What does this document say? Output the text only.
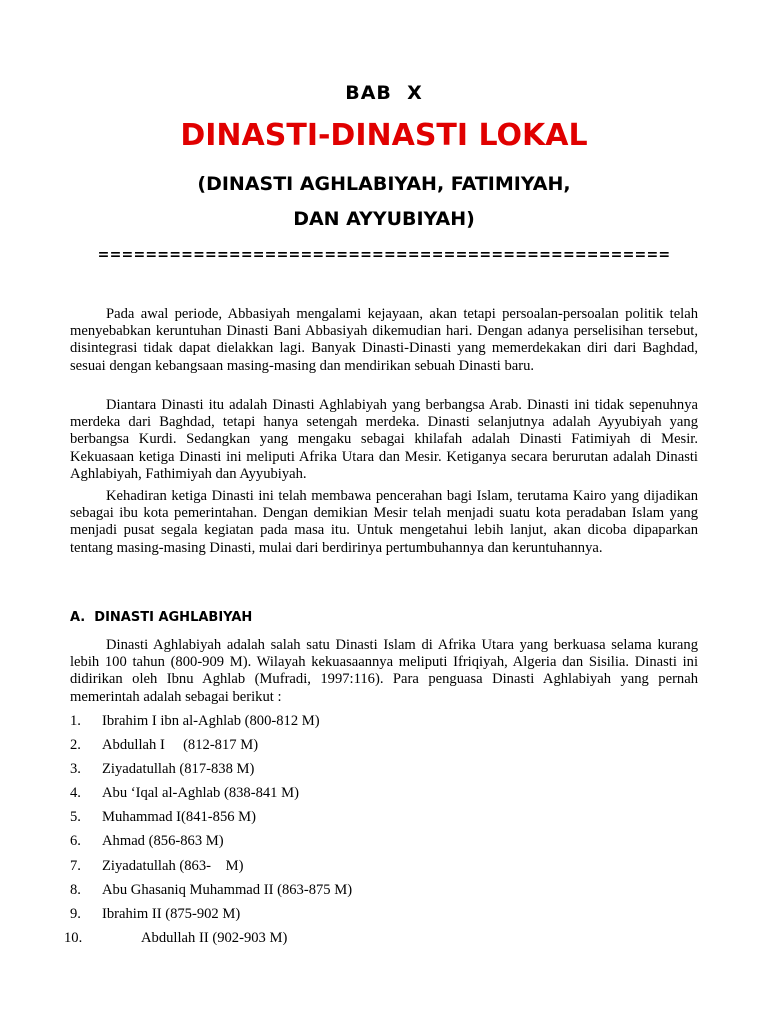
BAB  X
DINASTI-DINASTI LOKAL
(DINASTI AGHLABIYAH, FATIMIYAH,
DAN AYYUBIYAH)
================================================

Pada awal periode, Abbasiyah mengalami kejayaan, akan tetapi persoalan-persoalan politik telah menyebabkan keruntuhan Dinasti Bani Abbasiyah dikemudian hari. Dengan adanya perselisihan tersebut, disintegrasi tidak dapat dielakkan lagi. Banyak Dinasti-Dinasti yang memerdekakan diri dari Baghdad, sesuai dengan kebangsaan masing-masing dan mendirikan sebuah Dinasti baru.

Diantara Dinasti itu adalah Dinasti Aghlabiyah yang berbangsa Arab. Dinasti ini tidak sepenuhnya merdeka dari Baghdad, tetapi hanya setengah merdeka. Dinasti selanjutnya adalah Ayyubiyah yang berbangsa Kurdi. Sedangkan yang mengaku sebagai khilafah adalah Dinasti Fatimiyah di Mesir. Kekuasaan ketiga Dinasti ini meliputi Afrika Utara dan Mesir. Ketiganya secara berurutan adalah Dinasti Aghlabiyah, Fathimiyah dan Ayyubiyah.

Kehadiran ketiga Dinasti ini telah membawa pencerahan bagi Islam, terutama Kairo yang dijadikan sebagai ibu kota pemerintahan. Dengan demikian Mesir telah menjadi suatu kota peradaban Islam yang menjadi pusat segala kegiatan pada masa itu. Untuk mengetahui lebih lanjut, akan dicoba dipaparkan tentang masing-masing Dinasti, mulai dari berdirinya pertumbuhannya dan keruntuhannya.

A.  DINASTI AGHLABIYAH

Dinasti Aghlabiyah adalah salah satu Dinasti Islam di Afrika Utara yang berkuasa selama kurang lebih 100 tahun (800-909 M). Wilayah kekuasaannya meliputi Ifriqiyah, Algeria dan Sisilia. Dinasti ini didirikan oleh Ibnu Aghlab (Mufradi, 1997:116). Para penguasa Dinasti Aghlabiyah yang pernah memerintah adalah sebagai berikut :

1. Ibrahim I ibn al-Aghlab (800-812 M)
2. Abdullah I     (812-817 M)
3. Ziyadatullah (817-838 M)
4. Abu ‘Iqal al-Aghlab (838-841 M)
5. Muhammad I(841-856 M)
6. Ahmad (856-863 M)
7. Ziyadatullah (863-    M)
8. Abu Ghasaniq Muhammad II (863-875 M)
9. Ibrahim II (875-902 M)
10.	Abdullah II (902-903 M)
